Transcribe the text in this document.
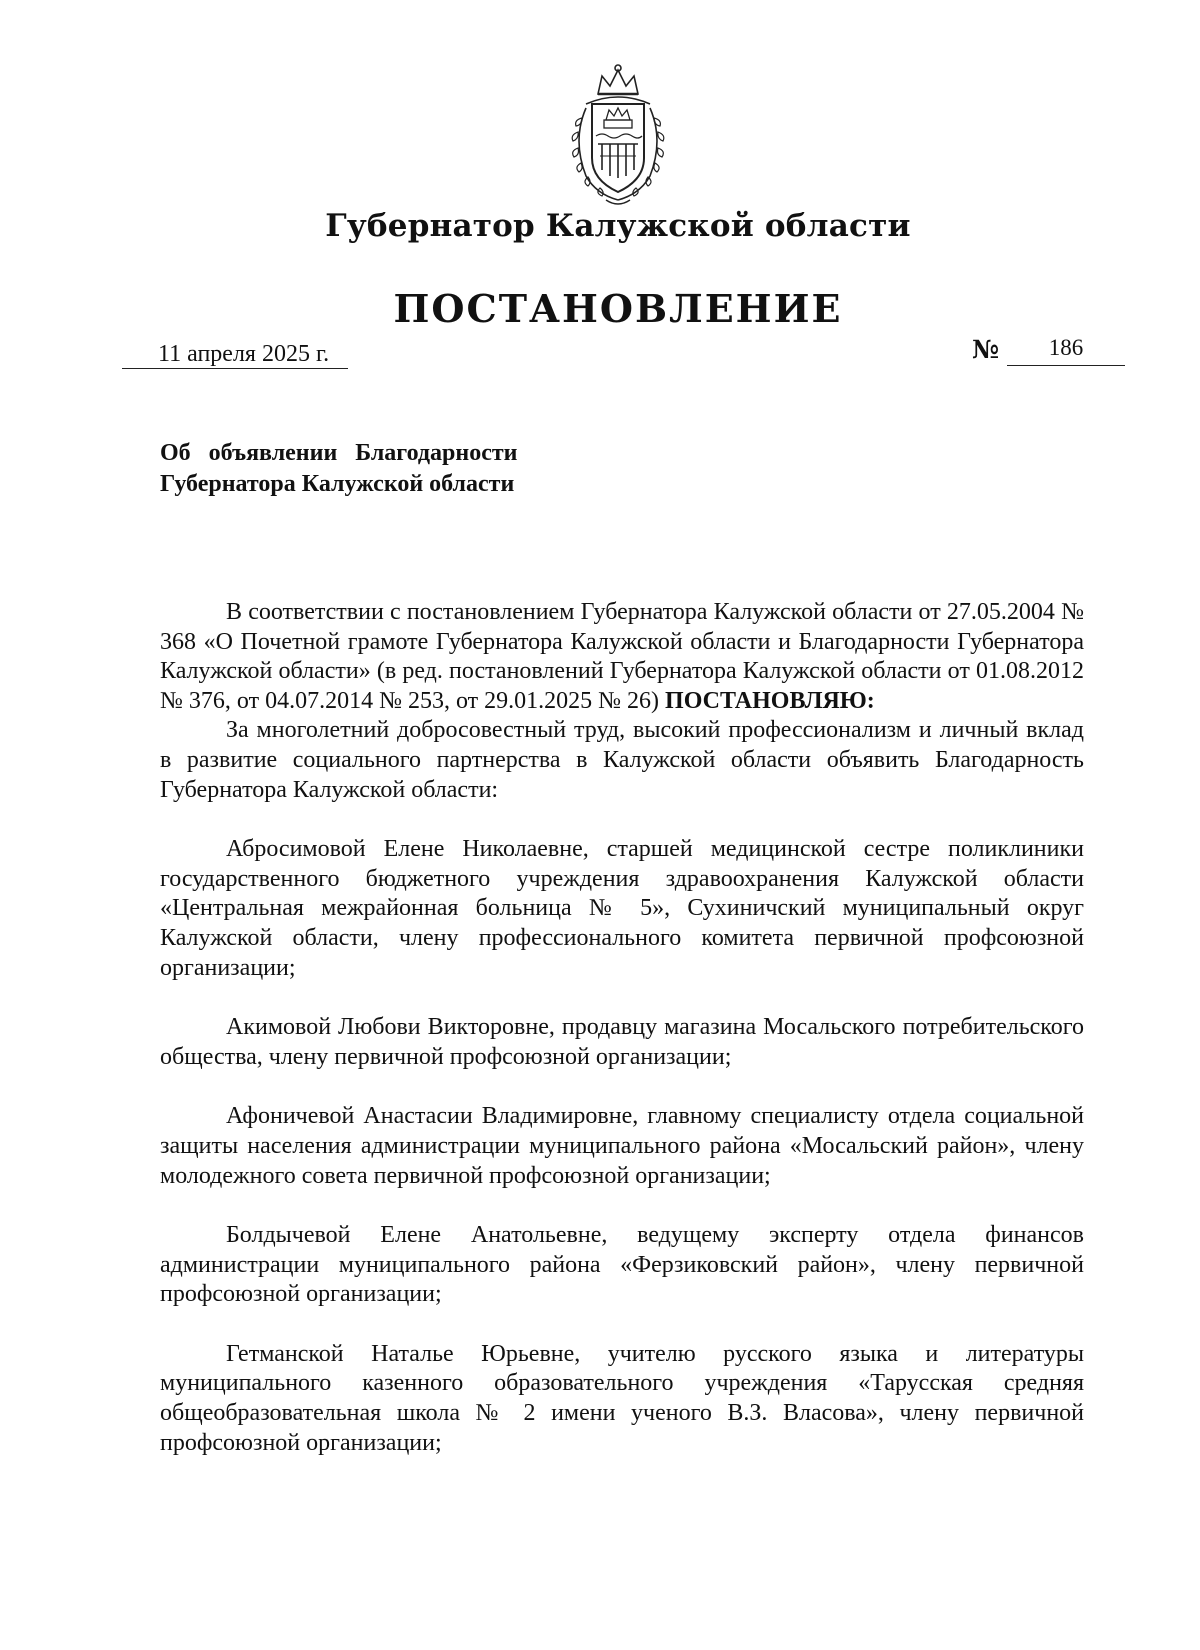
Губернатор Калужской области
ПОСТАНОВЛЕНИЕ
11 апреля 2025 г.	№	186
Об объявлении Благодарности
Губернатора Калужской области

В соответствии с постановлением Губернатора Калужской области от 27.05.2004 № 368 «О Почетной грамоте Губернатора Калужской области и Благодарности Губернатора Калужской области» (в ред. постановлений Губернатора Калужской области от 01.08.2012 № 376, от 04.07.2014 № 253, от 29.01.2025 № 26) ПОСТАНОВЛЯЮ:

За многолетний добросовестный труд, высокий профессионализм и личный вклад в развитие социального партнерства в Калужской области объявить Благодарность Губернатора Калужской области:

Абросимовой Елене Николаевне, старшей медицинской сестре поликлиники государственного бюджетного учреждения здравоохранения Калужской области «Центральная межрайонная больница № 5», Сухиничский муниципальный округ Калужской области, члену профессионального комитета первичной профсоюзной организации;

Акимовой Любови Викторовне, продавцу магазина Мосальского потребительского общества, члену первичной профсоюзной организации;

Афоничевой Анастасии Владимировне, главному специалисту отдела социальной защиты населения администрации муниципального района «Мосальский район», члену молодежного совета первичной профсоюзной организации;

Болдычевой Елене Анатольевне, ведущему эксперту отдела финансов администрации муниципального района «Ферзиковский район», члену первичной профсоюзной организации;

Гетманской Наталье Юрьевне, учителю русского языка и литературы муниципального казенного образовательного учреждения «Тарусская средняя общеобразовательная школа № 2 имени ученого В.З. Власова», члену первичной профсоюзной организации;
